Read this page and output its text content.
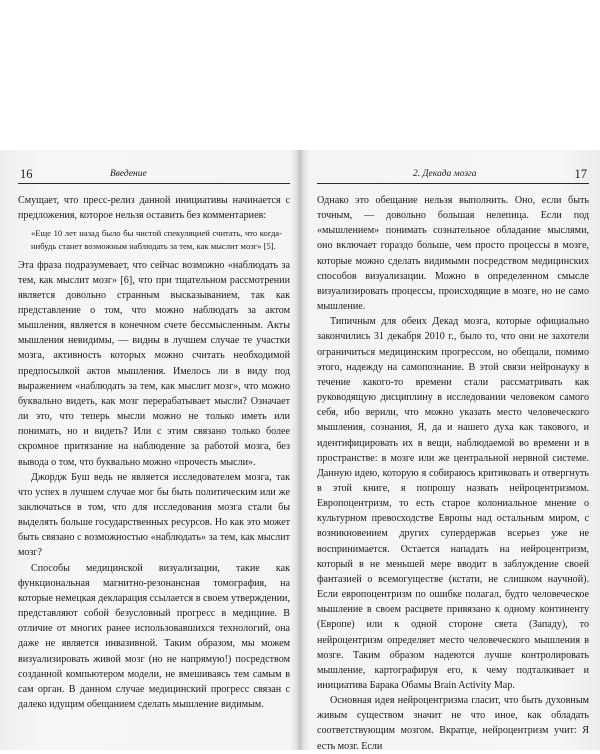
16	Введение

Смущает, что пресс-релиз данной инициативы начинается с предложения, которое нельзя оставить без комментариев:

«Еще 10 лет назад было бы чистой спекуляцией считать, что когда-нибудь станет возможным наблюдать за тем, как мыслит мозг» [5].

Эта фраза подразумевает, что сейчас возможно «наблюдать за тем, как мыслит мозг» [6], что при тщательном рассмотрении является довольно странным высказыванием, так как представление о том, что можно наблюдать за актом мышления, является в конечном счете бессмысленным. Акты мышления невидимы, — видны в лучшем случае те участки мозга, активность которых можно считать необходимой предпосылкой актов мышления. Имелось ли в виду под выражением «наблюдать за тем, как мыслит мозг», что можно буквально видеть, как мозг перерабатывает мысли? Означает ли это, что теперь мысли можно не только иметь или понимать, но и видеть? Или с этим связано только более скромное притязание на наблюдение за работой мозга, без вывода о том, что буквально можно «прочесть мысли».

Джордж Буш ведь не является исследователем мозга, так что успех в лучшем случае мог бы быть политическим или же заключаться в том, что для исследования мозга стали бы выделять больше государственных ресурсов. Но как это может быть связано с возможностью «наблюдать» за тем, как мыслит мозг?

Способы медицинской визуализации, такие как функциональная магнитно-резонансная томография, на которые немецкая декларация ссылается в своем утверждении, представляют собой безусловный прогресс в медицине. В отличие от многих ранее использовавшихся технологий, она даже не является инвазивной. Таким образом, мы можем визуализировать живой мозг (но не напрямую!) посредством созданной компьютером модели, не вмешиваясь тем самым в сам орган. В данном случае медицинский прогресс связан с далеко идущим обещанием сделать мышление видимым.

2. Декада мозга	17

Однако это обещание нельзя выполнить. Оно, если быть точным, — довольно большая нелепица. Если под «мышлением» понимать сознательное обладание мыслями, оно включает гораздо больше, чем просто процессы в мозге, которые можно сделать видимыми посредством медицинских способов визуализации. Можно в определенном смысле визуализировать процессы, происходящие в мозге, но не само мышление.

Типичным для обеих Декад мозга, которые официально закончились 31 декабря 2010 г., было то, что они не захотели ограничиться медицинским прогрессом, но обещали, помимо этого, надежду на самопознание. В этой связи нейронауку в течение какого-то времени стали рассматривать как руководящую дисциплину в исследовании человеком самого себя, ибо верили, что можно указать место человеческого мышления, сознания, Я, да и нашего духа как такового, и идентифицировать их в вещи, наблюдаемой во времени и в пространстве: в мозге или же центральной нервной системе. Данную идею, которую я собираюсь критиковать и отвергнуть в этой книге, я попрошу назвать нейроцентризмом. Европоцентризм, то есть старое колониальное мнение о культурном превосходстве Европы над остальным миром, с возникновением других супердержав всерьез уже не воспринимается. Остается нападать на нейроцентризм, который в не меньшей мере вводит в заблуждение своей фантазией о всемогуществе (кстати, не слишком научной). Если европоцентризм по ошибке полагал, будто человеческое мышление в своем расцвете привязано к одному континенту (Европе) или к одной стороне света (Западу), то нейроцентризм определяет место человеческого мышления в мозге. Таким образом надеются лучше контролировать мышление, картографируя его, к чему подталкивает и инициатива Барака Обамы Brain Activity Map.

Основная идея нейроцентризма гласит, что быть духовным живым существом значит не что иное, как обладать соответствующим мозгом. Вкратце, нейроцентризм учит: Я есть мозг. Если
